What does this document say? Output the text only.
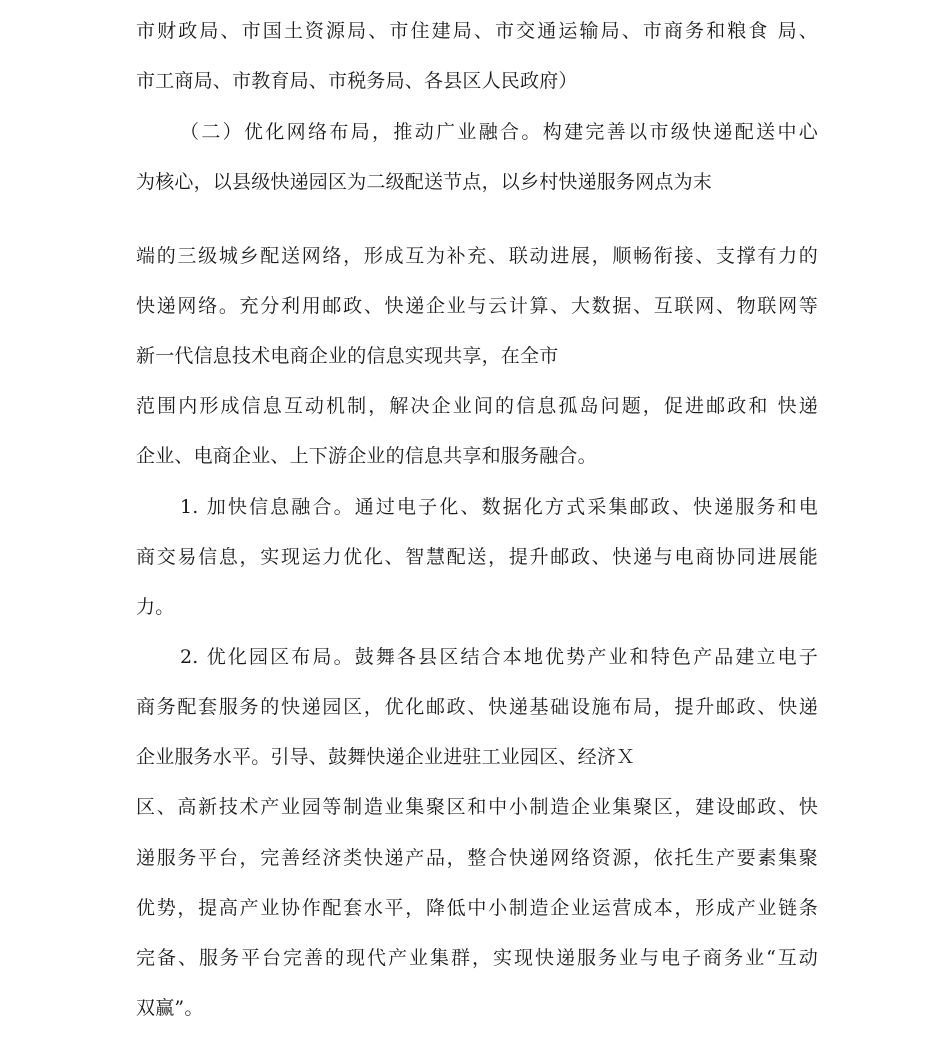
市财政局、市国土资源局、市住建局、市交通运输局、市商务和粮食 局、
市工商局、市教育局、市税务局、各县区人民政府）
（二）优化网络布局，推动广业融合。构建完善以市级快递配送中心
为核心，以县级快递园区为二级配送节点，以乡村快递服务网点为末
端的三级城乡配送网络，形成互为补充、联动进展，顺畅衔接、支撑有力的
快递网络。充分利用邮政、快递企业与云计算、大数据、互联网、物联网等
新一代信息技术电商企业的信息实现共享，在全市
范围内形成信息互动机制，解决企业间的信息孤岛问题，促进邮政和 快递
企业、电商企业、上下游企业的信息共享和服务融合。
1. 加快信息融合。通过电子化、数据化方式采集邮政、快递服务和电
商交易信息，实现运力优化、智慧配送，提升邮政、快递与电商协同进展能
力。
2. 优化园区布局。鼓舞各县区结合本地优势产业和特色产品建立电子
商务配套服务的快递园区，优化邮政、快递基础设施布局，提升邮政、快递
企业服务水平。引导、鼓舞快递企业进驻工业园区、经济Ｘ
区、高新技术产业园等制造业集聚区和中小制造企业集聚区，建设邮政、快
递服务平台，完善经济类快递产品，整合快递网络资源，依托生产要素集聚
优势，提高产业协作配套水平，降低中小制造企业运营成本，形成产业链条
完备、服务平台完善的现代产业集群，实现快递服务业与电子商务业“互动
双赢”。
